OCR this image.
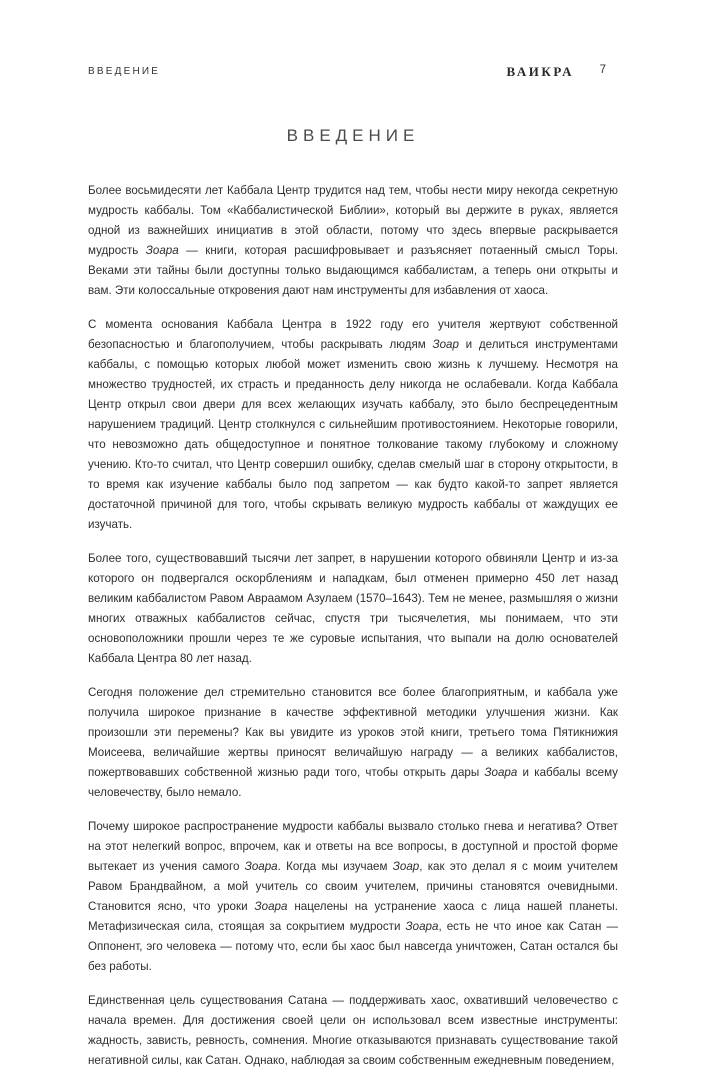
ВВЕДЕНИЕ	ВАИКРА 7
ВВЕДЕНИЕ

Более восьмидесяти лет Каббала Центр трудится над тем, чтобы нести миру некогда секретную мудрость каббалы. Том «Каббалистической Библии», который вы держите в руках, является одной из важнейших инициатив в этой области, потому что здесь впервые раскрывается мудрость Зоара — книги, которая расшифровывает и разъясняет потаенный смысл Торы. Веками эти тайны были доступны только выдающимся каббалистам, а теперь они открыты и вам. Эти колоссальные откровения дают нам инструменты для избавления от хаоса.

С момента основания Каббала Центра в 1922 году его учителя жертвуют собственной безопасностью и благополучием, чтобы раскрывать людям Зоар и делиться инструментами каббалы, с помощью которых любой может изменить свою жизнь к лучшему. Несмотря на множество трудностей, их страсть и преданность делу никогда не ослабевали. Когда Каббала Центр открыл свои двери для всех желающих изучать каббалу, это было беспрецедентным нарушением традиций. Центр столкнулся с сильнейшим противостоянием. Некоторые говорили, что невозможно дать общедоступное и понятное толкование такому глубокому и сложному учению. Кто-то считал, что Центр совершил ошибку, сделав смелый шаг в сторону открытости, в то время как изучение каббалы было под запретом — как будто какой-то запрет является достаточной причиной для того, чтобы скрывать великую мудрость каббалы от жаждущих ее изучать.

Более того, существовавший тысячи лет запрет, в нарушении которого обвиняли Центр и из-за которого он подвергался оскорблениям и нападкам, был отменен примерно 450 лет назад великим каббалистом Равом Авраамом Азулаем (1570–1643). Тем не менее, размышляя о жизни многих отважных каббалистов сейчас, спустя три тысячелетия, мы понимаем, что эти основоположники прошли через те же суровые испытания, что выпали на долю основателей Каббала Центра 80 лет назад.

Сегодня положение дел стремительно становится все более благоприятным, и каббала уже получила широкое признание в качестве эффективной методики улучшения жизни. Как произошли эти перемены? Как вы увидите из уроков этой книги, третьего тома Пятикнижия Моисеева, величайшие жертвы приносят величайшую награду — а великих каббалистов, пожертвовавших собственной жизнью ради того, чтобы открыть дары Зоара и каббалы всему человечеству, было немало.

Почему широкое распространение мудрости каббалы вызвало столько гнева и негатива? Ответ на этот нелегкий вопрос, впрочем, как и ответы на все вопросы, в доступной и простой форме вытекает из учения самого Зоара. Когда мы изучаем Зоар, как это делал я с моим учителем Равом Брандвайном, а мой учитель со своим учителем, причины становятся очевидными. Становится ясно, что уроки Зоара нацелены на устранение хаоса с лица нашей планеты. Метафизическая сила, стоящая за сокрытием мудрости Зоара, есть не что иное как Сатан — Оппонент, эго человека — потому что, если бы хаос был навсегда уничтожен, Сатан остался бы без работы.

Единственная цель существования Сатана — поддерживать хаос, охвативший человечество с начала времен. Для достижения своей цели он использовал всем известные инструменты: жадность, зависть, ревность, сомнения. Многие отказываются признавать существование такой негативной силы, как Сатан. Однако, наблюдая за своим собственным ежедневным поведением,
